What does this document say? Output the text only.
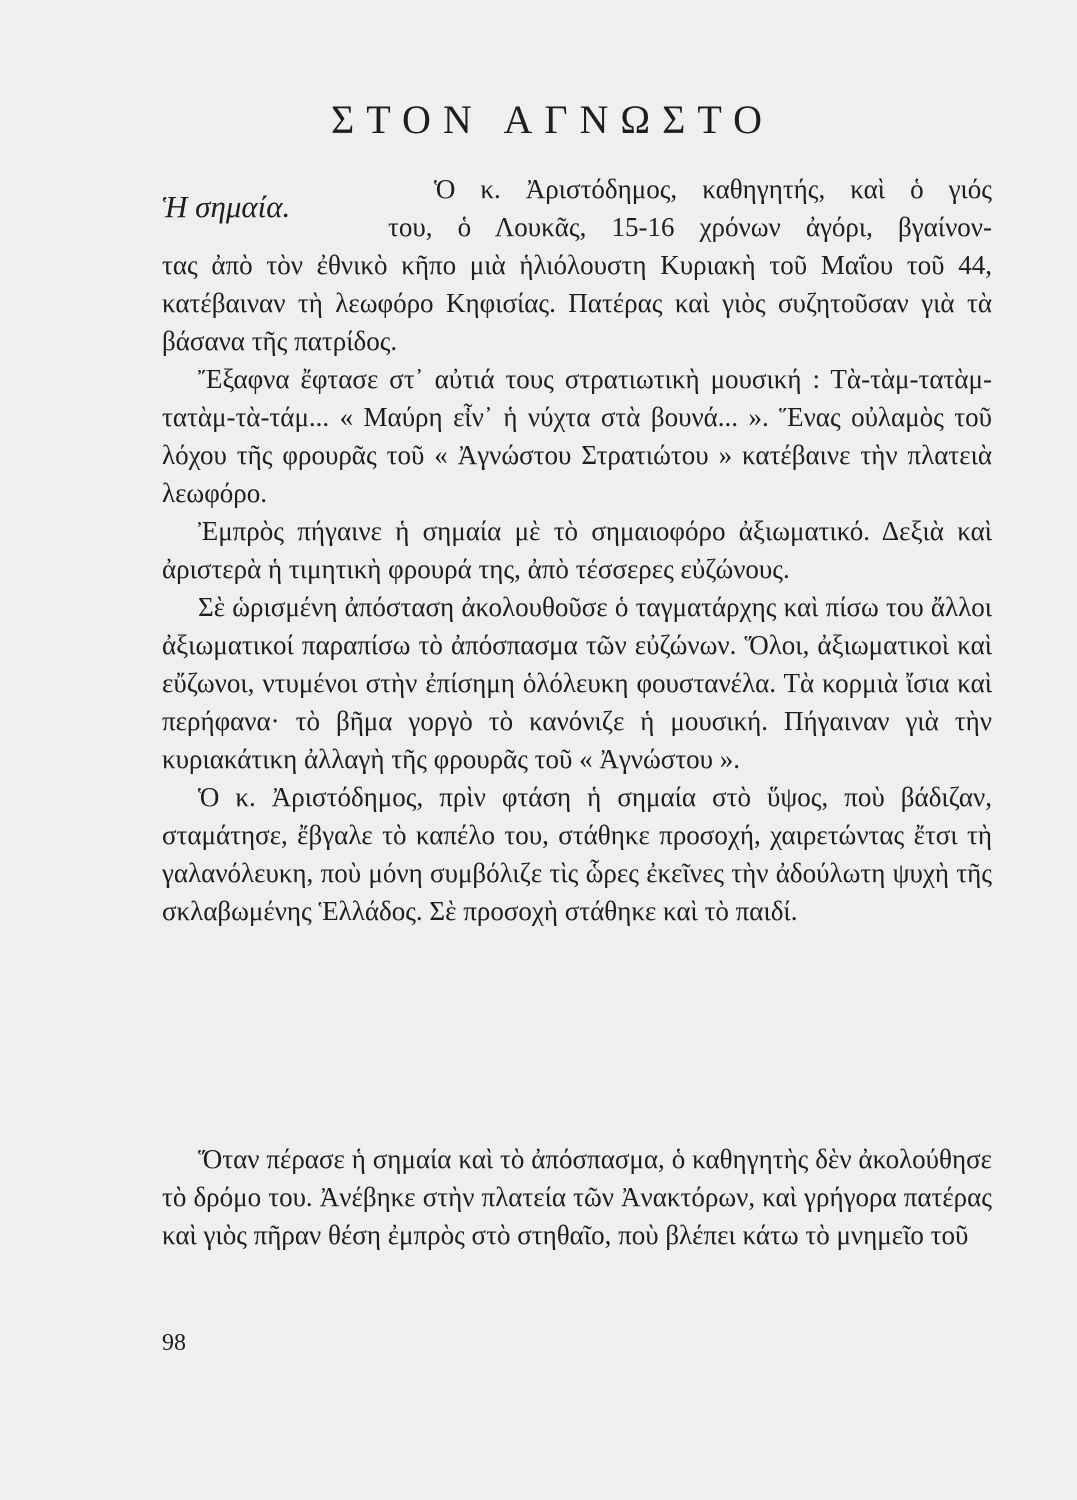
ΣΤΟΝ ΑΓΝΩΣΤΟ
Ἡ σημαία.	Ὁ κ. Ἀριστόδημος, καθηγητής, καὶ ὁ γιός
του, ὁ Λουκᾶς, 15-16 χρόνων ἀγόρι, βγαίνον-

τας ἀπὸ τὸν ἐθνικὸ κῆπο μιὰ ἡλιόλουστη Κυριακὴ τοῦ Μαΐου τοῦ 44, κατέβαιναν τὴ λεωφόρο Κηφισίας. Πατέρας καὶ γιὸς συζητοῦσαν γιὰ τὰ βάσανα τῆς πατρίδος.

Ἔξαφνα ἔφτασε στ᾽ αὐτιά τους στρατιωτικὴ μουσική : Τὰ-τὰμ-τατὰμ-τατὰμ-τὰ-τάμ... « Μαύρη εἶν᾽ ἡ νύχτα στὰ βουνά... ». Ἕνας οὐλαμὸς τοῦ λόχου τῆς φρουρᾶς τοῦ « Ἀγνώστου Στρατιώτου » κατέβαινε τὴν πλατειὰ λεωφόρο.

Ἐμπρὸς πήγαινε ἡ σημαία μὲ τὸ σημαιοφόρο ἀξιωματικό. Δεξιὰ καὶ ἀριστερὰ ἡ τιμητικὴ φρουρά της, ἀπὸ τέσσερες εὐζώνους.

Σὲ ὡρισμένη ἀπόσταση ἀκολουθοῦσε ὁ ταγματάρχης καὶ πίσω του ἄλλοι ἀξιωματικοί παραπίσω τὸ ἀπόσπασμα τῶν εὐζώνων. Ὅλοι, ἀξιωματικοὶ καὶ εὔζωνοι, ντυμένοι στὴν ἐπίσημη ὁλόλευκη φουστανέλα. Τὰ κορμιὰ ἴσια καὶ περήφανα· τὸ βῆμα γοργὸ τὸ κανόνιζε ἡ μουσική. Πήγαιναν γιὰ τὴν κυριακάτικη ἀλλαγὴ τῆς φρουρᾶς τοῦ « Ἀγνώστου ».

Ὁ κ. Ἀριστόδημος, πρὶν φτάση ἡ σημαία στὸ ὕψος, ποὺ βάδιζαν, σταμάτησε, ἔβγαλε τὸ καπέλο του, στάθηκε προσοχή, χαιρετώντας ἔτσι τὴ γαλανόλευκη, ποὺ μόνη συμβόλιζε τὶς ὧρες ἐκεῖνες τὴν ἀδούλωτη ψυχὴ τῆς σκλαβωμένης Ἑλλάδος. Σὲ προσοχὴ στάθηκε καὶ τὸ παιδί.

Ὅταν πέρασε ἡ σημαία καὶ τὸ ἀπόσπασμα, ὁ καθηγητὴς δὲν ἀκολούθησε τὸ δρόμο του. Ἀνέβηκε στὴν πλατεία τῶν Ἀνακτόρων, καὶ γρήγορα πατέρας καὶ γιὸς πῆραν θέση ἐμπρὸς στὸ στηθαῖο, ποὺ βλέπει κάτω τὸ μνημεῖο τοῦ

98
